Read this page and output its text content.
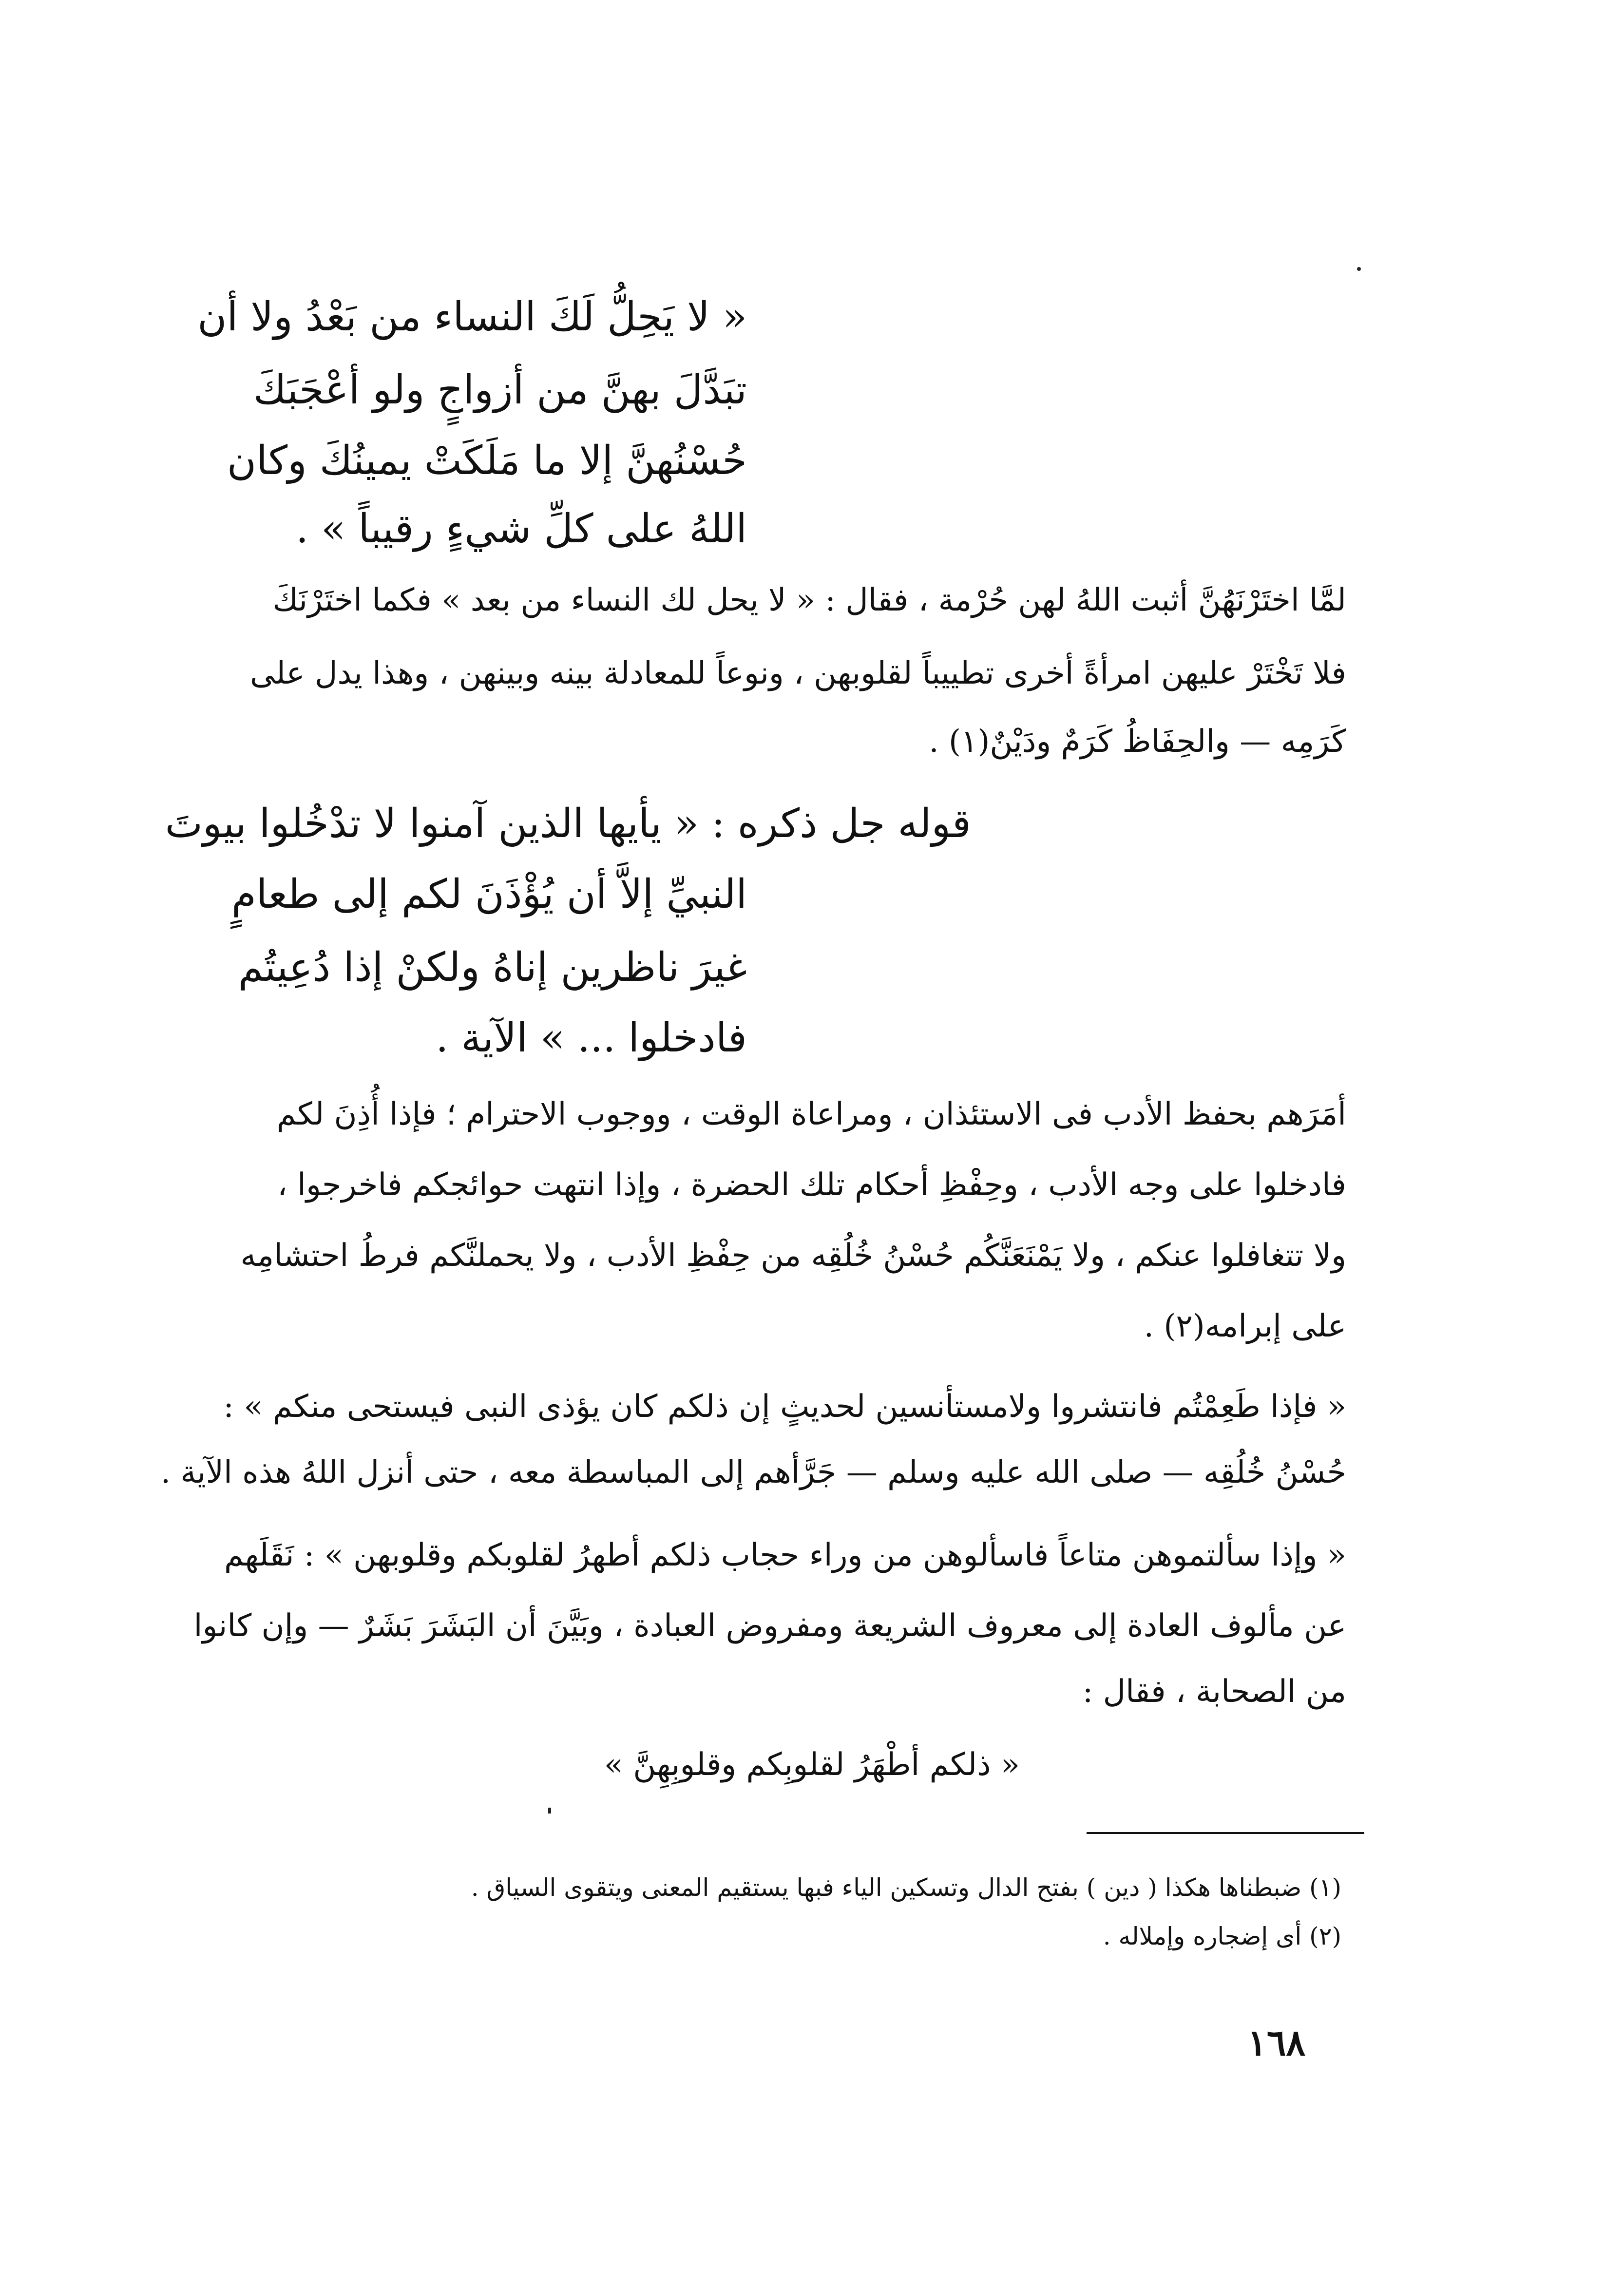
« لا يَحِلُّ لَكَ النساء من بَعْدُ ولا أن
تبَدَّلَ بهنَّ من أزواجٍ ولو أعْجَبَكَ
حُسْنُهنَّ إلا ما مَلَكَتْ يمينُكَ وكان
اللهُ على كلِّ شيءٍ رقيباً » .
لمَّا اختَرْنَهُنَّ أثبت اللهُ لهن حُرْمة ، فقال : « لا يحل لك النساء من بعد » فكما اختَرْنَكَ
فلا تَخْتَرْ عليهن امرأةً أخرى تطييباً لقلوبهن ، ونوعاً للمعادلة بينه وبينهن ، وهذا يدل على
كَرَمِه — والحِفَاظُ كَرَمٌ ودَيْنٌ(١) .
قوله جل ذكره : « يأيها الذين آمنوا لا تدْخُلوا بيوتَ
النبيِّ إلاَّ أن يُؤْذَنَ لكم إلى طعامٍ
غيرَ ناظرين إناهُ ولكنْ إذا دُعِيتُم
فادخلوا ... » الآية .
أمَرَهم بحفظ الأدب فى الاستئذان ، ومراعاة الوقت ، ووجوب الاحترام ؛ فإذا أُذِنَ لكم
فادخلوا على وجه الأدب ، وحِفْظِ أحكام تلك الحضرة ، وإذا انتهت حوائجكم فاخرجوا ،
ولا تتغافلوا عنكم ، ولا يَمْنَعَنَّكُم حُسْنُ خُلُقِه من حِفْظِ الأدب ، ولا يحملنَّكم فرطُ احتشامِه
على إبرامه(٢) .
« فإذا طَعِمْتُم فانتشروا ولامستأنسين لحديثٍ إن ذلكم كان يؤذى النبى فيستحى منكم » :
حُسْنُ خُلُقِه — صلى الله عليه وسلم — جَرَّأهم إلى المباسطة معه ، حتى أنزل اللهُ هذه الآية .
« وإذا سألتموهن متاعاً فاسألوهن من وراء حجاب ذلكم أطهرُ لقلوبكم وقلوبهن » : نَقَلَهم
عن مألوف العادة إلى معروف الشريعة ومفروض العبادة ، وبَيَّنَ أن البَشَرَ بَشَرٌ — وإن كانوا
من الصحابة ، فقال :
« ذلكم أطْهَرُ لقلوبِكم وقلوبِهِنَّ »
(١) ضبطناها هكذا ( دين ) بفتح الدال وتسكين الياء فبها يستقيم المعنى ويتقوى السياق .
(٢) أى إضجاره وإملاله .
١٦٨
